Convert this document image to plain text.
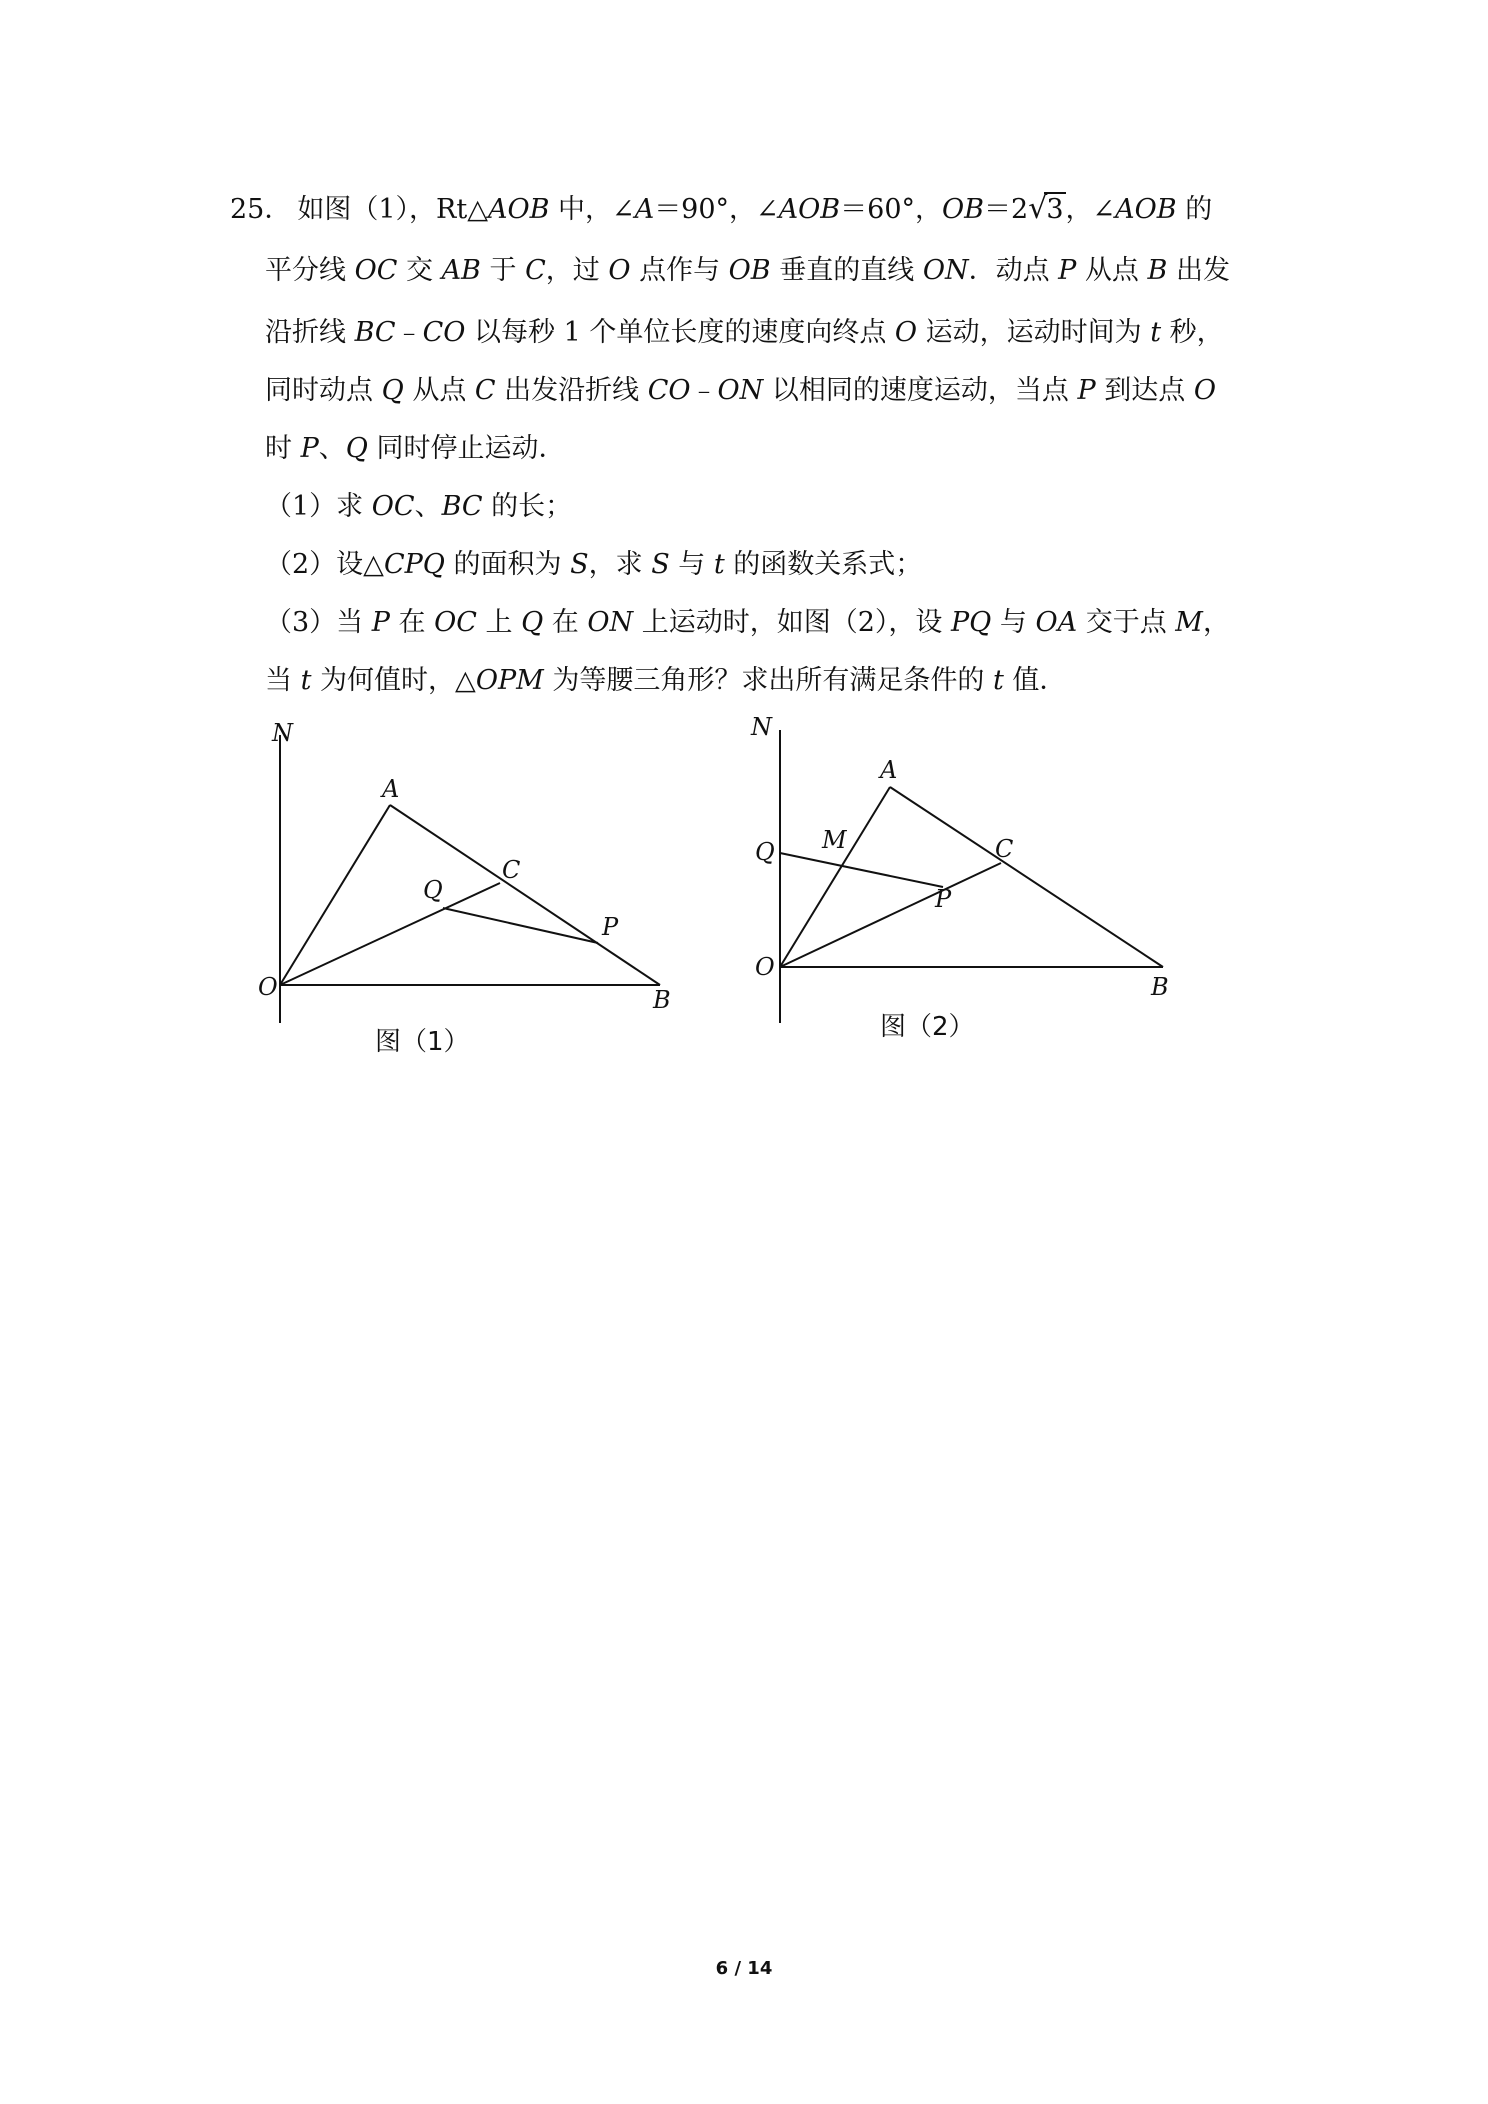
25． 如图（1），Rt△AOB 中，∠A＝90°，∠AOB＝60°，OB＝2√3，∠AOB 的
平分线 OC 交 AB 于 C，过 O 点作与 OB 垂直的直线 ON．动点 P 从点 B 出发
沿折线 BC﹣CO 以每秒 1 个单位长度的速度向终点 O 运动，运动时间为 t 秒，
同时动点 Q 从点 C 出发沿折线 CO﹣ON 以相同的速度运动，当点 P 到达点 O
时 P、Q 同时停止运动．
（1）求 OC、BC 的长；
（2）设△CPQ 的面积为 S，求 S 与 t 的函数关系式；
（3）当 P 在 OC 上 Q 在 ON 上运动时，如图（2），设 PQ 与 OA 交于点 M，
当 t 为何值时，△OPM 为等腰三角形？求出所有满足条件的 t 值．
N
A
Q
C
P
O	B
图（1）
N
A
Q M	C
P
O
B
图（2）
6 / 14
